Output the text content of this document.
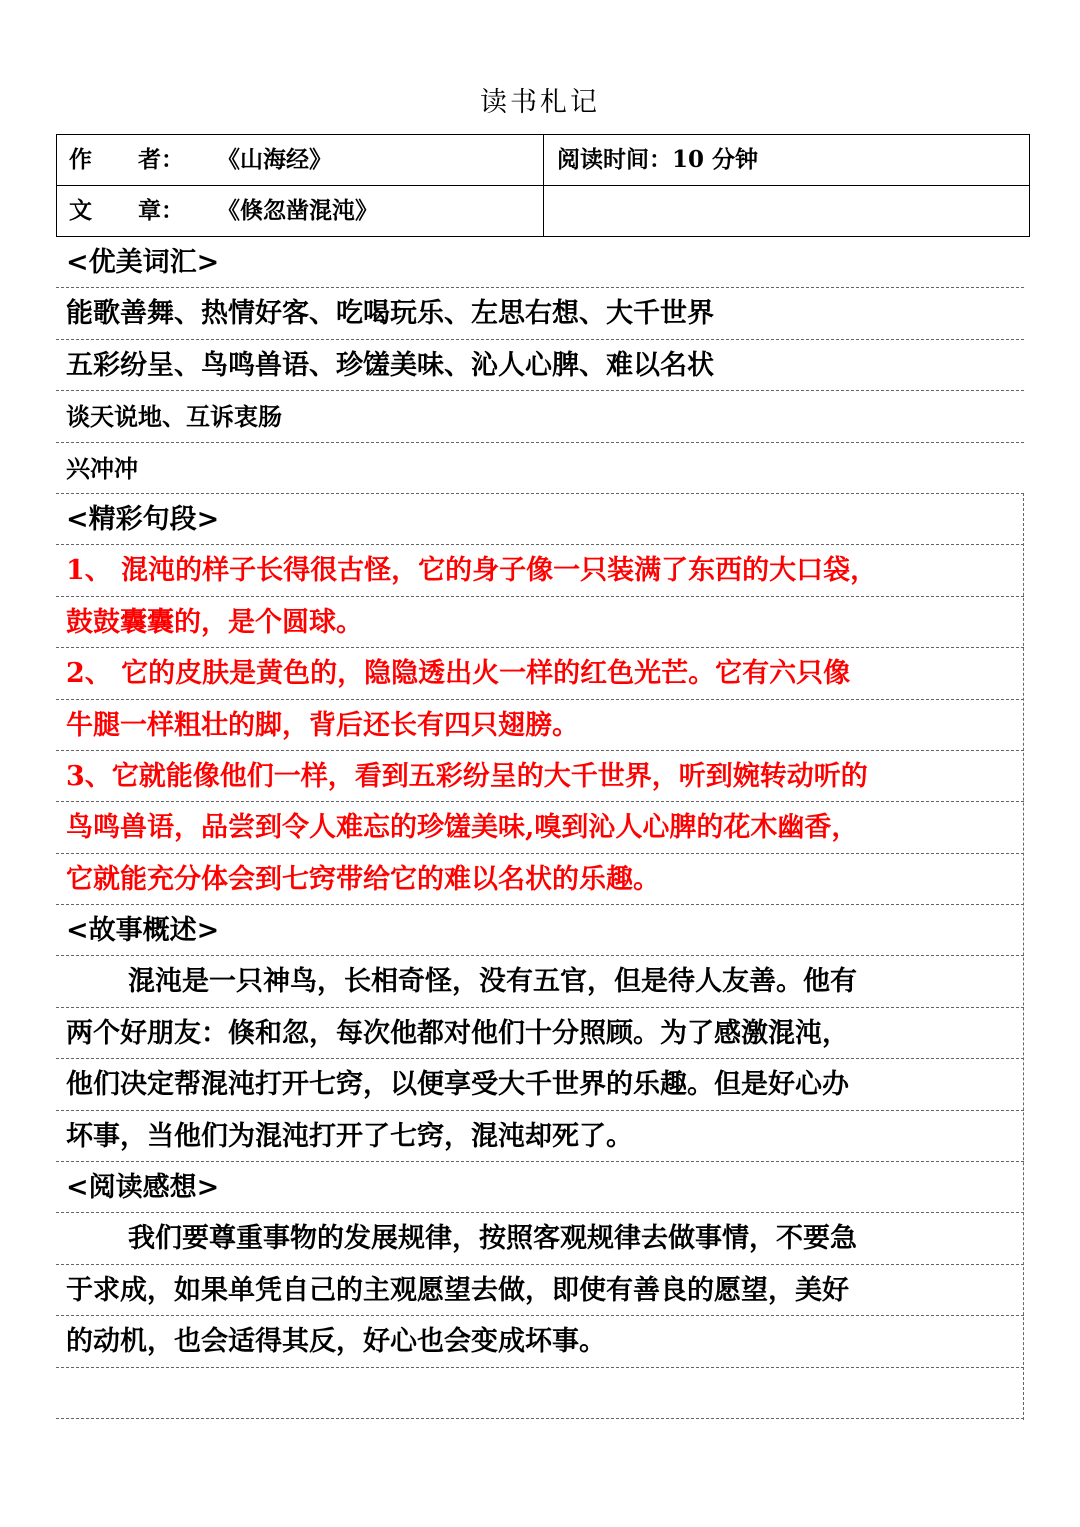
读书札记
作　　者： 《山海经》	阅读时间：10 分钟
文　　章： 《倏忽凿混沌》
<优美词汇>
能歌善舞、热情好客、吃喝玩乐、左思右想、大千世界
五彩纷呈、鸟鸣兽语、珍馐美味、沁人心脾、难以名状
谈天说地、互诉衷肠
兴冲冲
<精彩句段>
1、 混沌的样子长得很古怪，它的身子像一只装满了东西的大口袋，
鼓鼓囊囊的，是个圆球。
2、 它的皮肤是黄色的，隐隐透出火一样的红色光芒。它有六只像
牛腿一样粗壮的脚，背后还长有四只翅膀。
3、它就能像他们一样，看到五彩纷呈的大千世界，听到婉转动听的
鸟鸣兽语，品尝到令人难忘的珍馐美味,嗅到沁人心脾的花木幽香，
它就能充分体会到七窍带给它的难以名状的乐趣。
<故事概述>
混沌是一只神鸟，长相奇怪，没有五官，但是待人友善。他有
两个好朋友：倏和忽，每次他都对他们十分照顾。为了感激混沌，
他们决定帮混沌打开七窍，以便享受大千世界的乐趣。但是好心办
坏事，当他们为混沌打开了七窍，混沌却死了。
<阅读感想>
我们要尊重事物的发展规律，按照客观规律去做事情，不要急
于求成，如果单凭自己的主观愿望去做，即使有善良的愿望，美好
的动机，也会适得其反，好心也会变成坏事。
